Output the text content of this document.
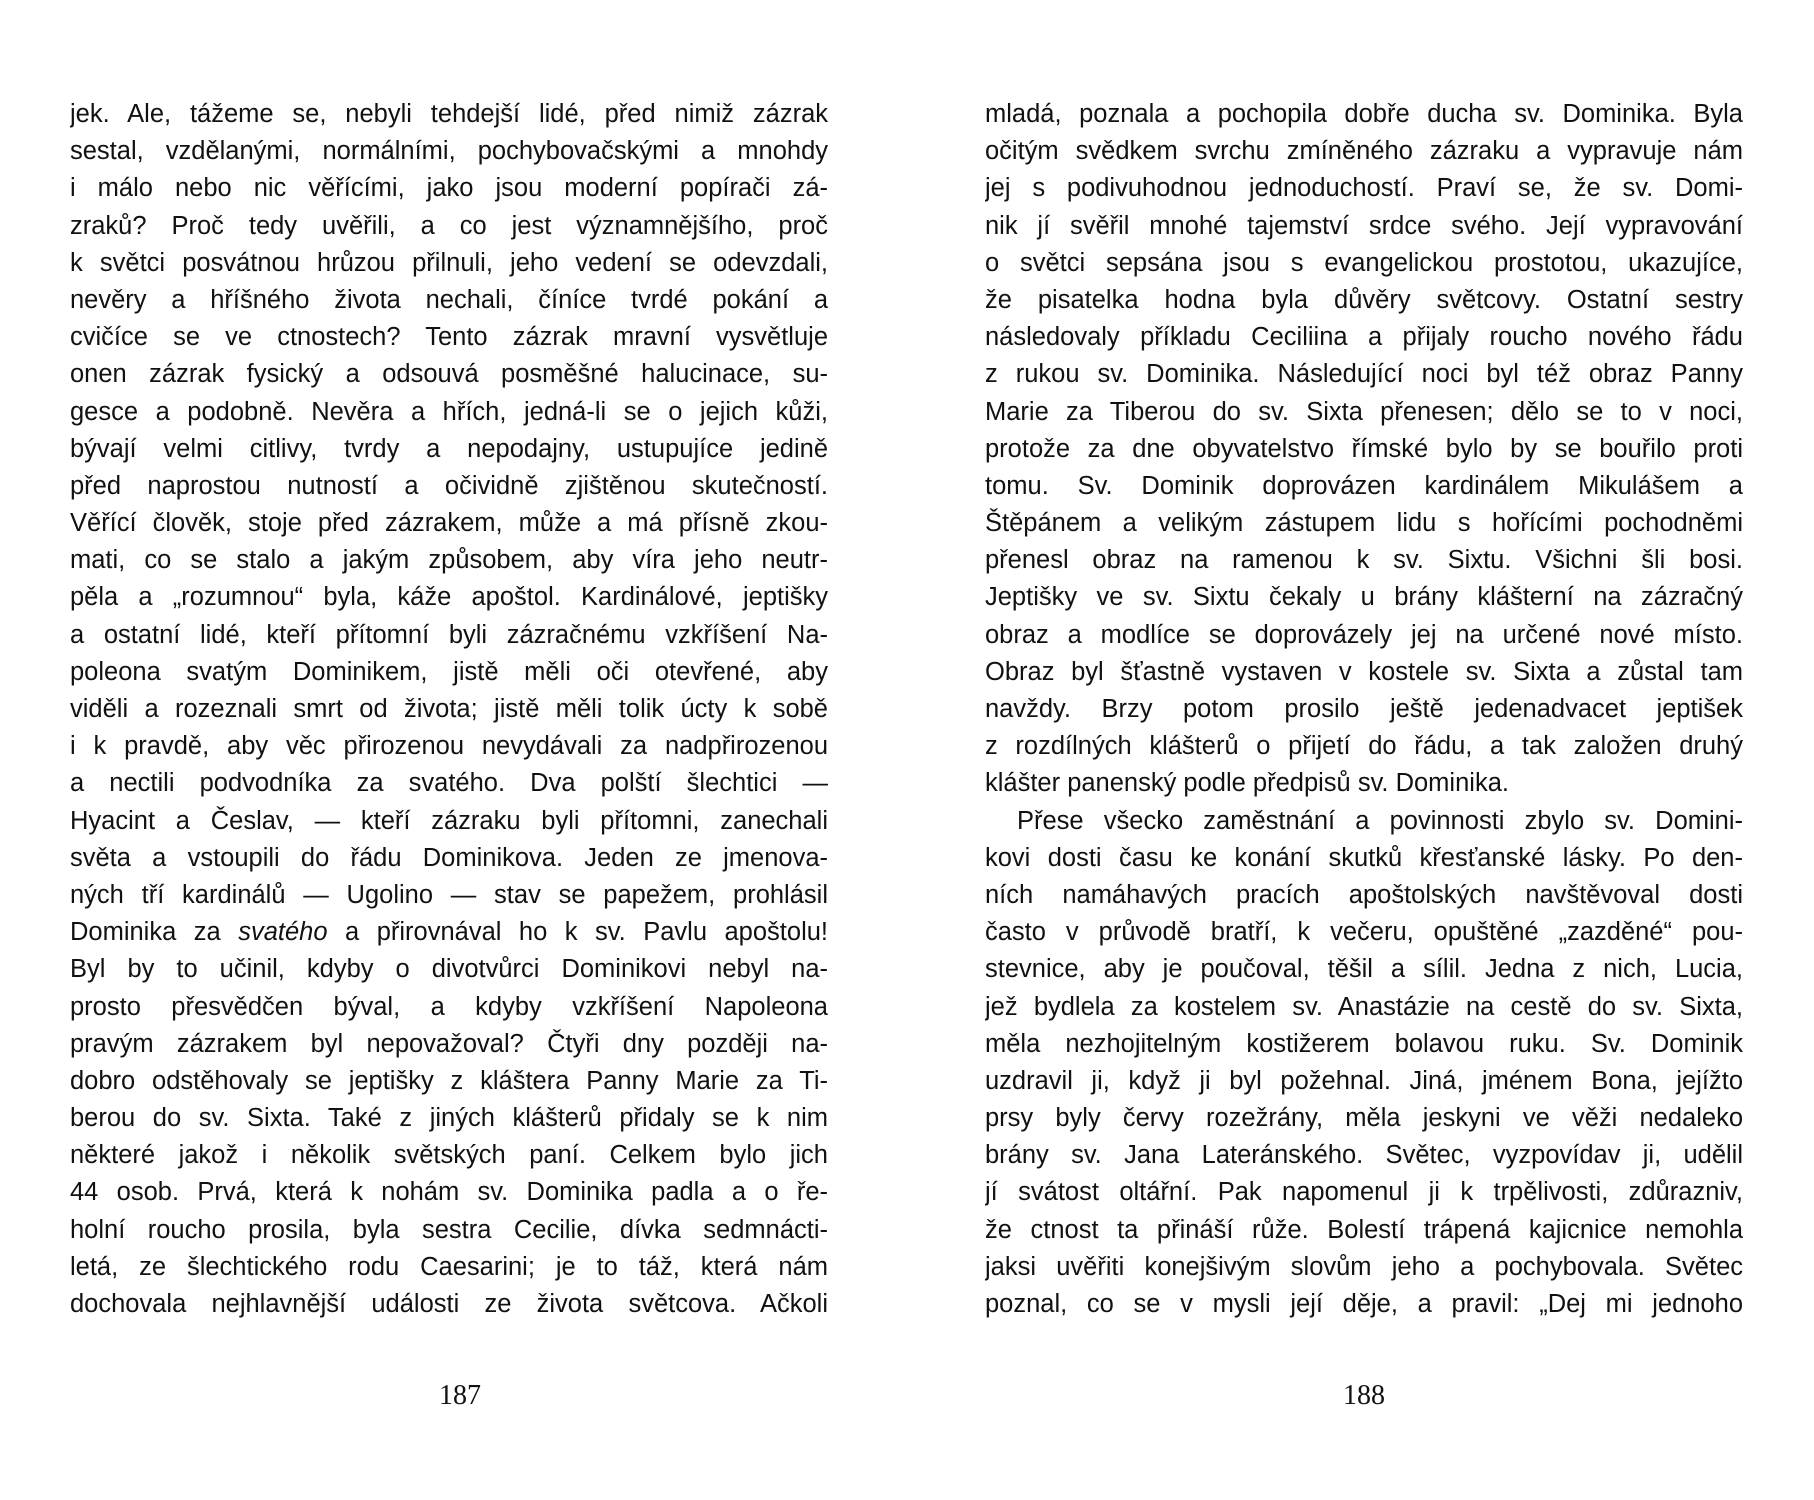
jek. Ale, tážeme se, nebyli tehdejší lidé, před nimiž zázrak
sestal, vzdělanými, normálními, pochybovačskými a mnohdy
i málo nebo nic věřícími, jako jsou moderní popírači zá-
zraků? Proč tedy uvěřili, a co jest významnějšího, proč
k světci posvátnou hrůzou přilnuli, jeho vedení se odevzdali,
nevěry a hříšného života nechali, číníce tvrdé pokání a
cvičíce se ve ctnostech? Tento zázrak mravní vysvětluje
onen zázrak fysický a odsouvá posměšné halucinace, su-
gesce a podobně. Nevěra a hřích, jedná-li se o jejich kůži,
bývají velmi citlivy, tvrdy a nepodajny, ustupujíce jedině
před naprostou nutností a očividně zjištěnou skutečností.
Věřící člověk, stoje před zázrakem, může a má přísně zkou-
mati, co se stalo a jakým způsobem, aby víra jeho neutr-
pěla a „rozumnou“ byla, káže apoštol. Kardinálové, jeptišky
a ostatní lidé, kteří přítomní byli zázračnému vzkříšení Na-
poleona svatým Dominikem, jistě měli oči otevřené, aby
viděli a rozeznali smrt od života; jistě měli tolik úcty k sobě
i k pravdě, aby věc přirozenou nevydávali za nadpřirozenou
a nectili podvodníka za svatého. Dva polští šlechtici —
Hyacint a Česlav, — kteří zázraku byli přítomni, zanechali
světa a vstoupili do řádu Dominikova. Jeden ze jmenova-
ných tří kardinálů — Ugolino — stav se papežem, prohlásil
Dominika za svatého a přirovnával ho k sv. Pavlu apoštolu!
Byl by to učinil, kdyby o divotvůrci Dominikovi nebyl na-
prosto přesvědčen býval, a kdyby vzkříšení Napoleona
pravým zázrakem byl nepovažoval? Čtyři dny později na-
dobro odstěhovaly se jeptišky z kláštera Panny Marie za Ti-
berou do sv. Sixta. Také z jiných klášterů přidaly se k nim
některé jakož i několik světských paní. Celkem bylo jich
44 osob. Prvá, která k nohám sv. Dominika padla a o ře-
holní roucho prosila, byla sestra Cecilie, dívka sedmnácti-
letá, ze šlechtického rodu Caesarini; je to táž, která nám
dochovala nejhlavnější události ze života světcova. Ačkoli
mladá, poznala a pochopila dobře ducha sv. Dominika. Byla
očitým svědkem svrchu zmíněného zázraku a vypravuje nám
jej s podivuhodnou jednoduchostí. Praví se, že sv. Domi-
nik jí svěřil mnohé tajemství srdce svého. Její vypravování
o světci sepsána jsou s evangelickou prostotou, ukazujíce,
že pisatelka hodna byla důvěry světcovy. Ostatní sestry
následovaly příkladu Ceciliina a přijaly roucho nového řádu
z rukou sv. Dominika. Následující noci byl též obraz Panny
Marie za Tiberou do sv. Sixta přenesen; dělo se to v noci,
protože za dne obyvatelstvo římské bylo by se bouřilo proti
tomu. Sv. Dominik doprovázen kardinálem Mikulášem a
Štěpánem a velikým zástupem lidu s hořícími pochodněmi
přenesl obraz na ramenou k sv. Sixtu. Všichni šli bosi.
Jeptišky ve sv. Sixtu čekaly u brány klášterní na zázračný
obraz a modlíce se doprovázely jej na určené nové místo.
Obraz byl šťastně vystaven v kostele sv. Sixta a zůstal tam
navždy. Brzy potom prosilo ještě jedenadvacet jeptišek
z rozdílných klášterů o přijetí do řádu, a tak založen druhý
klášter panenský podle předpisů sv. Dominika.
Přese všecko zaměstnání a povinnosti zbylo sv. Domini-
kovi dosti času ke konání skutků křesťanské lásky. Po den-
ních namáhavých pracích apoštolských navštěvoval dosti
často v průvodě bratří, k večeru, opuštěné „zazděné“ pou-
stevnice, aby je poučoval, těšil a sílil. Jedna z nich, Lucia,
jež bydlela za kostelem sv. Anastázie na cestě do sv. Sixta,
měla nezhojitelným kostižerem bolavou ruku. Sv. Dominik
uzdravil ji, když ji byl požehnal. Jiná, jménem Bona, jejížto
prsy byly červy rozežrány, měla jeskyni ve věži nedaleko
brány sv. Jana Lateránského. Světec, vyzpovídav ji, udělil
jí svátost oltářní. Pak napomenul ji k trpělivosti, zdůrazniv,
že ctnost ta přináší růže. Bolestí trápená kajicnice nemohla
jaksi uvěřiti konejšivým slovům jeho a pochybovala. Světec
poznal, co se v mysli její děje, a pravil: „Dej mi jednoho
187	188
